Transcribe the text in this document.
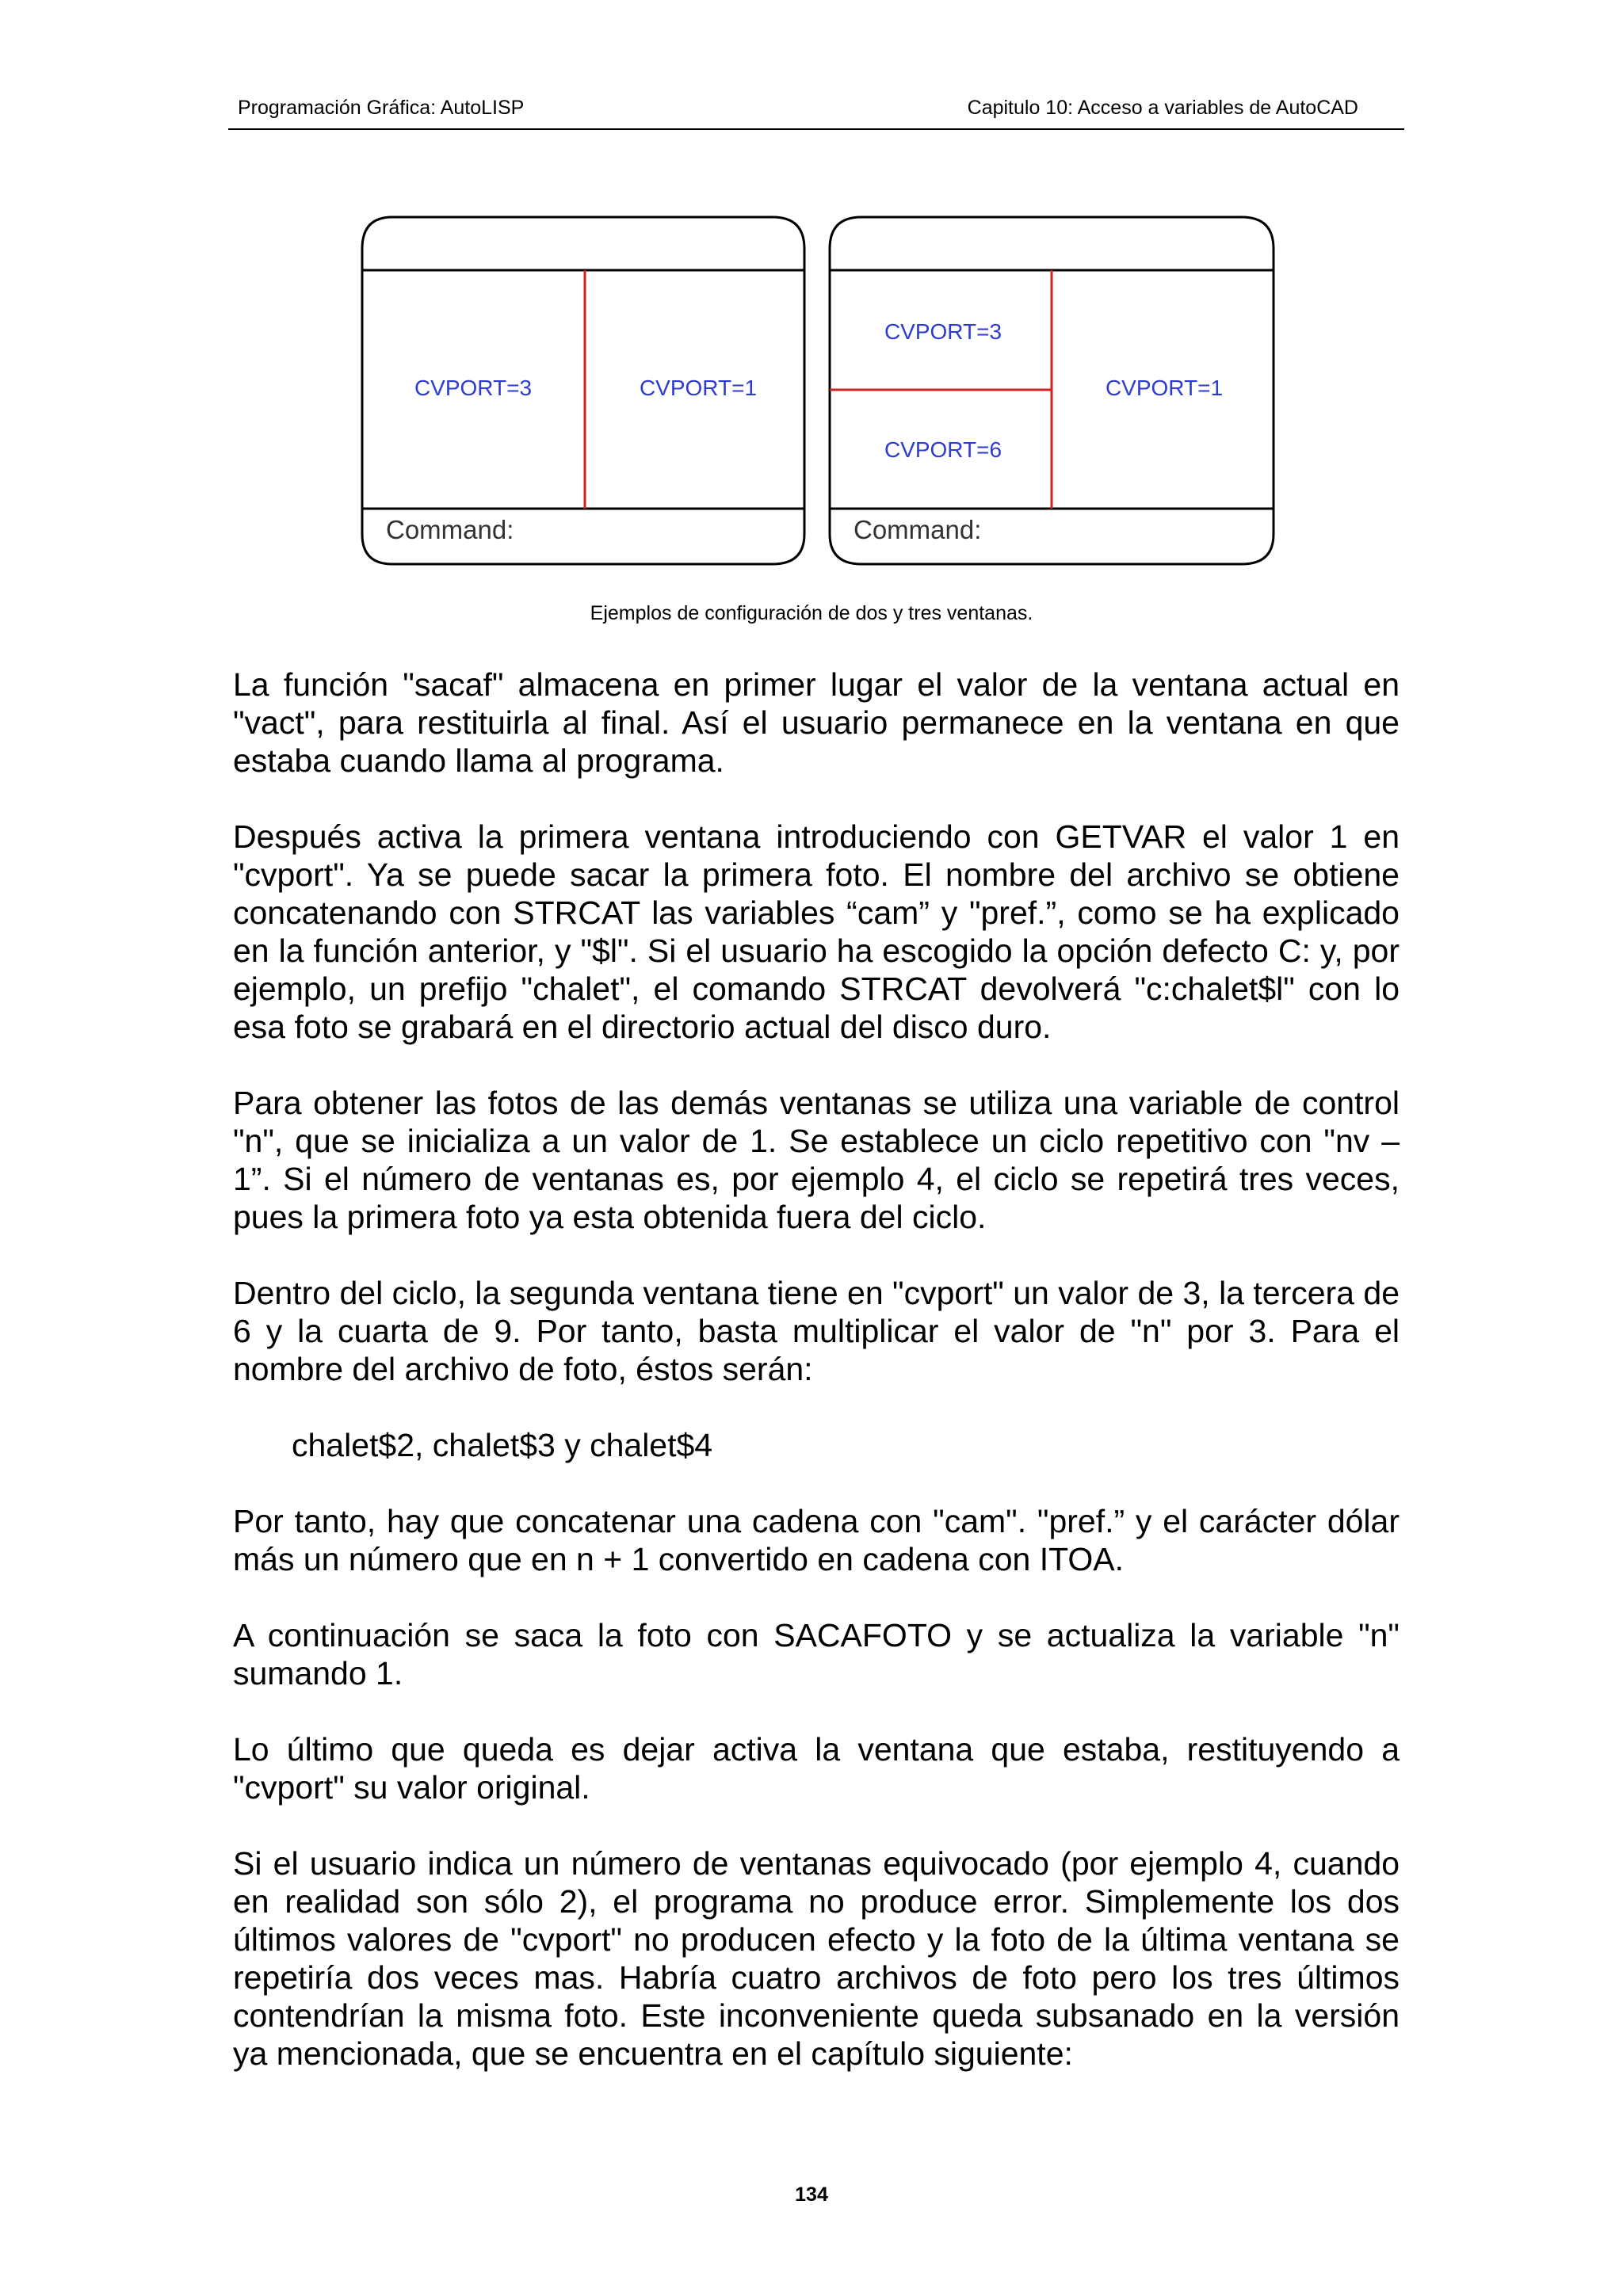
Programación Gráfica: AutoLISP	Capitulo 10: Acceso a variables de AutoCAD
CVPORT=3	CVPORT=1
Command:
CVPORT=3
CVPORT=6
CVPORT=1
Command:
Ejemplos de configuración de dos y tres ventanas.

La función "sacaf" almacena en primer lugar el valor de la ventana actual en "vact", para restituirla al final. Así el usuario permanece en la ventana en que estaba cuando llama al programa.

Después activa la primera ventana introduciendo con GETVAR el valor 1 en "cvport". Ya se puede sacar la primera foto. El nombre del archivo se obtiene concatenando con STRCAT las variables “cam” y "pref.”, como se ha explicado en la función anterior, y "$l". Si el usuario ha escogido la opción defecto C: y, por ejemplo, un prefijo "chalet", el comando STRCAT devolverá "c:chalet$l" con lo esa foto se grabará en el directorio actual del disco duro.

Para obtener las fotos de las demás ventanas se utiliza una variable de control "n", que se inicializa a un valor de 1. Se establece un ciclo repetitivo con "nv – 1”. Si el número de ventanas es, por ejemplo 4, el ciclo se repetirá tres veces, pues la primera foto ya esta obtenida fuera del ciclo.

Dentro del ciclo, la segunda ventana tiene en "cvport" un valor de 3, la tercera de 6 y la cuarta de 9. Por tanto, basta multiplicar el valor de "n" por 3. Para el nombre del archivo de foto, éstos serán:

chalet$2, chalet$3 y chalet$4

Por tanto, hay que concatenar una cadena con "cam". "pref.” y el carácter dólar más un número que en n + 1 convertido en cadena con ITOA.

A continuación se saca la foto con SACAFOTO y se actualiza la variable "n" sumando 1.

Lo último que queda es dejar activa la ventana que estaba, restituyendo a "cvport" su valor original.

Si el usuario indica un número de ventanas equivocado (por ejemplo 4, cuando en realidad son sólo 2), el programa no produce error. Simplemente los dos últimos valores de "cvport" no producen efecto y la foto de la última ventana se repetiría dos veces mas. Habría cuatro archivos de foto pero los tres últimos contendrían la misma foto. Este inconveniente queda subsanado en la versión ya mencionada, que se encuentra en el capítulo siguiente:

134
